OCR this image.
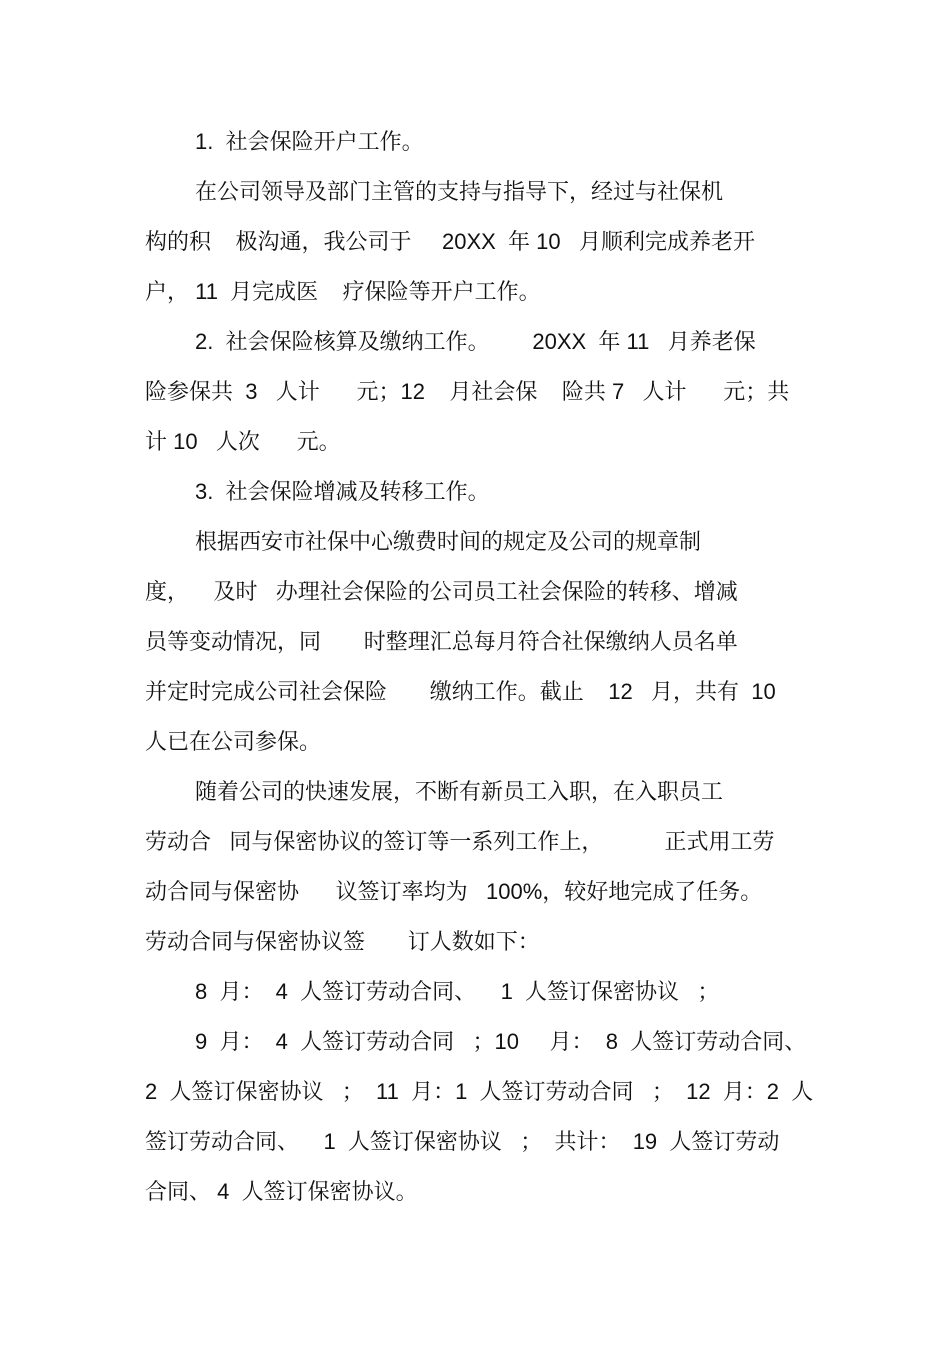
1.  社会保险开户工作。
在公司领导及部门主管的支持与指导下，经过与社保机
构的积    极沟通，我公司于     20XX  年 10   月顺利完成养老开
户， 11  月完成医    疗保险等开户工作。
2.  社会保险核算及缴纳工作。       20XX  年 11   月养老保
险参保共  3   人计      元；12    月社会保    险共 7   人计      元；共
计 10   人次      元。
3.  社会保险增减及转移工作。
根据西安市社保中心缴费时间的规定及公司的规章制
度，    及时   办理社会保险的公司员工社会保险的转移、增减
员等变动情况，同       时整理汇总每月符合社保缴纳人员名单
并定时完成公司社会保险       缴纳工作。截止    12   月，共有  10
人已在公司参保。
随着公司的快速发展，不断有新员工入职，在入职员工
劳动合   同与保密协议的签订等一系列工作上，          正式用工劳
动合同与保密协      议签订率均为   100%，较好地完成了任务。
劳动合同与保密协议签       订人数如下：
8  月：  4  人签订劳动合同、    1  人签订保密协议   ；
9  月：  4  人签订劳动合同   ；10     月：  8  人签订劳动合同、
2  人签订保密协议   ；  11  月：1  人签订劳动合同   ；  12  月：2  人
签订劳动合同、    1  人签订保密协议   ；  共计：  19  人签订劳动
合同、 4  人签订保密协议。
